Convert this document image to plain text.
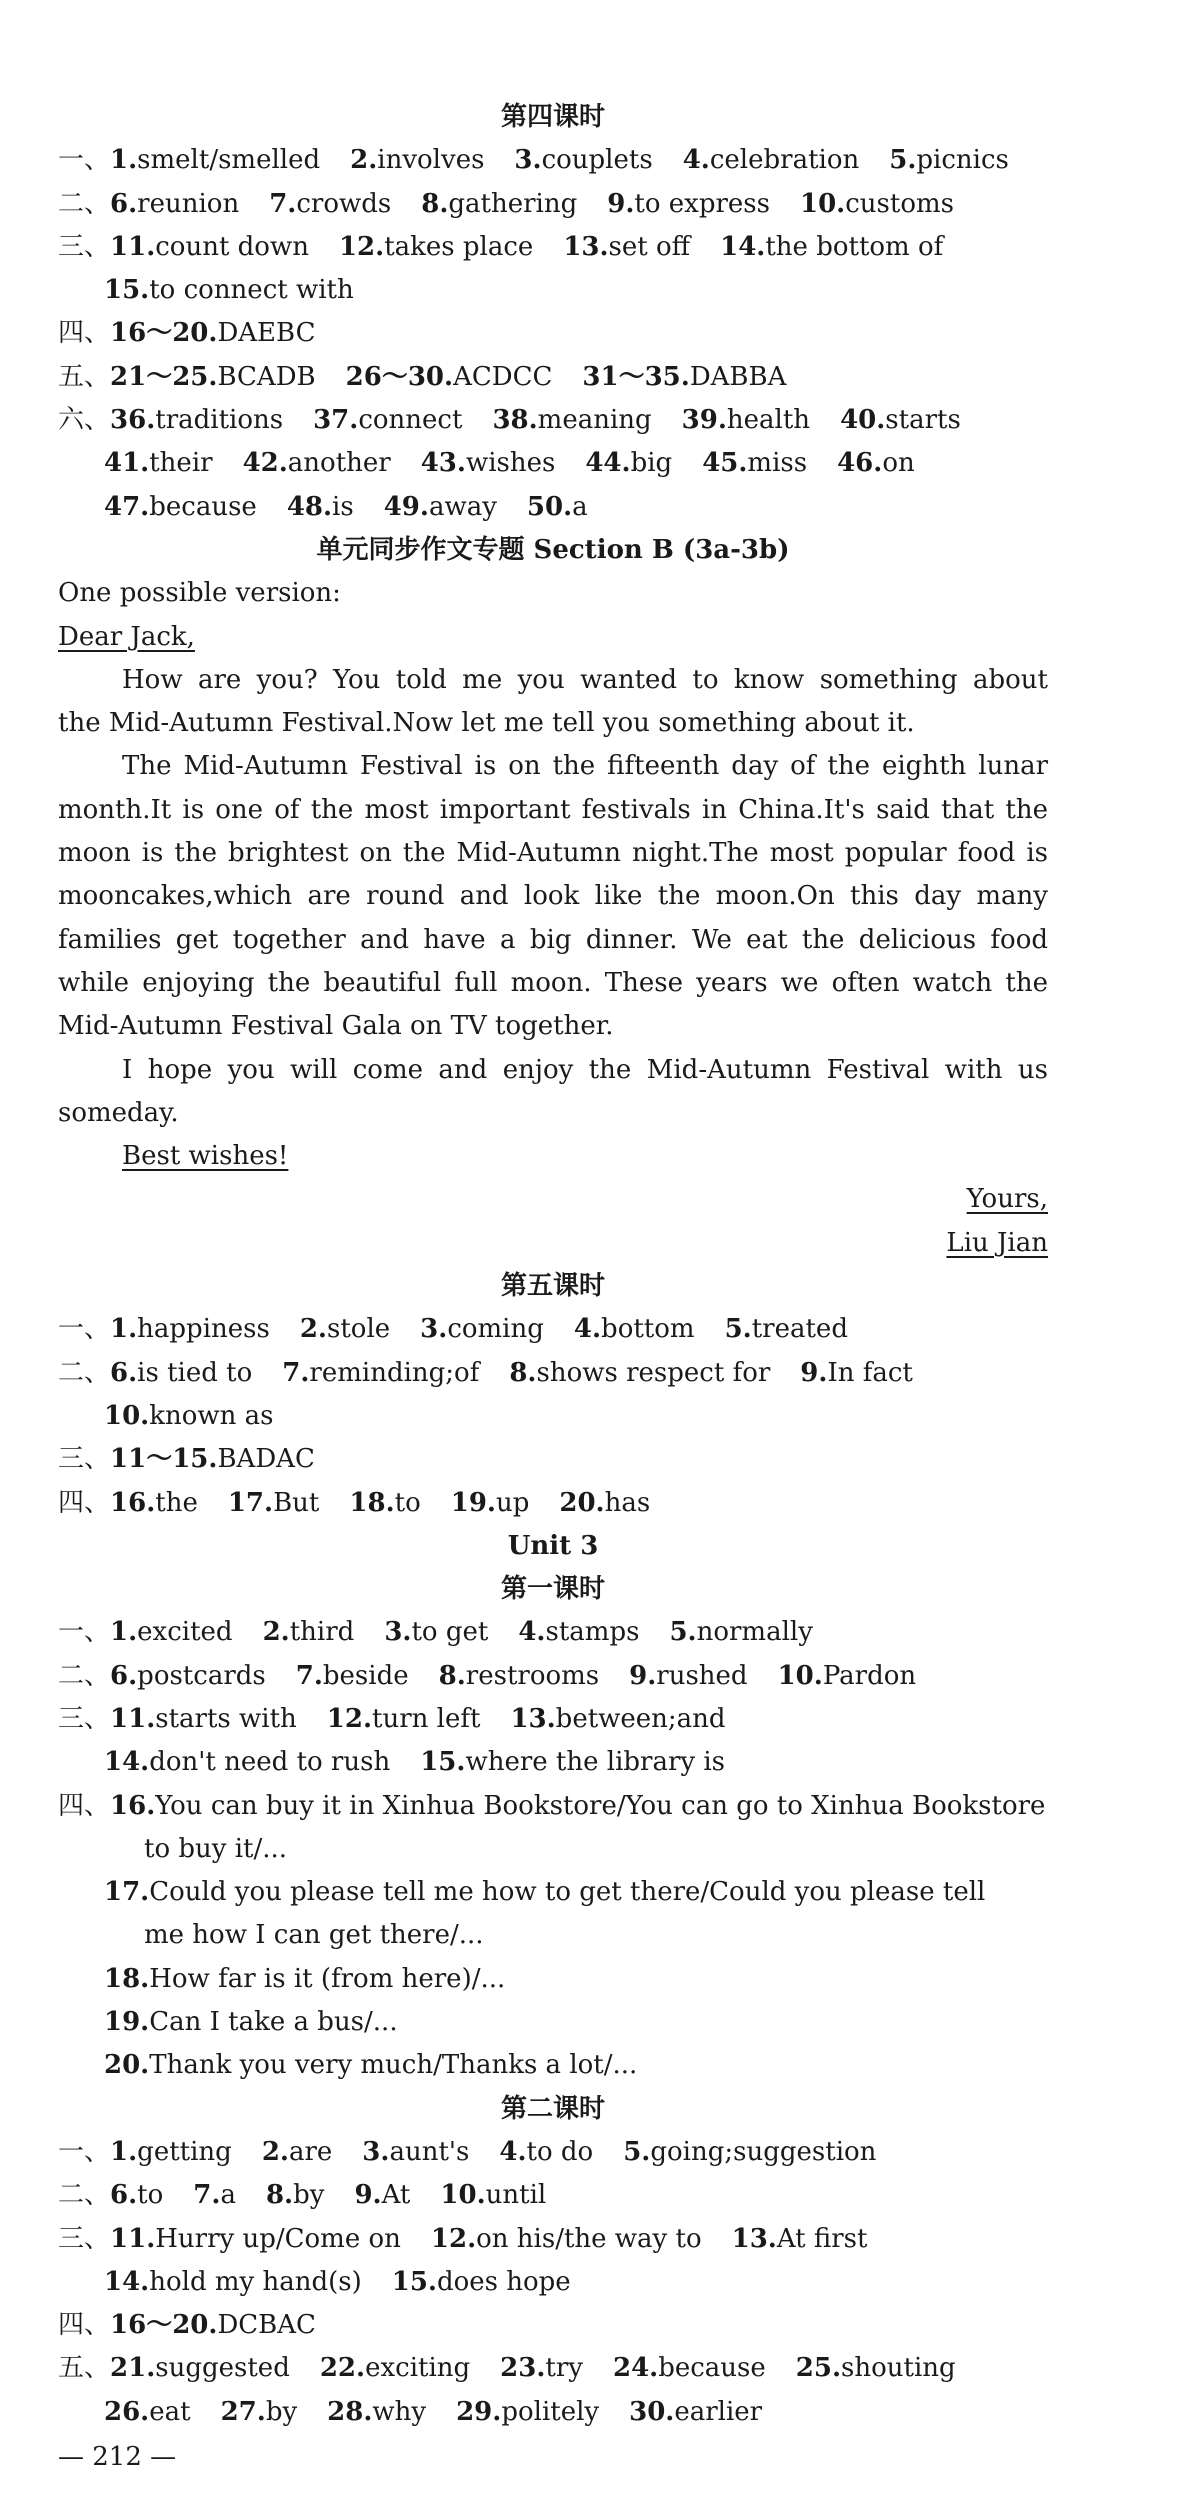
第四课时
一、1.smelt/smelled 2.involves 3.couplets 4.celebration 5.picnics
二、6.reunion 7.crowds 8.gathering 9.to express 10.customs
三、11.count down 12.takes place 13.set off 14.the bottom of
15.to connect with
四、16～20.DAEBC
五、21～25.BCADB 26～30.ACDCC 31～35.DABBA
六、36.traditions 37.connect 38.meaning 39.health 40.starts
41.their 42.another 43.wishes 44.big 45.miss 46.on
47.because 48.is 49.away 50.a
单元同步作文专题 Section B (3a-3b)
One possible version:
Dear Jack,
How are you? You told me you wanted to know something about
the Mid-Autumn Festival.Now let me tell you something about it.
The Mid-Autumn Festival is on the fifteenth day of the eighth lunar
month.It is one of the most important festivals in China.It's said that the
moon is the brightest on the Mid-Autumn night.The most popular food is
mooncakes,which are round and look like the moon.On this day many
families get together and have a big dinner. We eat the delicious food
while enjoying the beautiful full moon. These years we often watch the
Mid-Autumn Festival Gala on TV together.
I hope you will come and enjoy the Mid-Autumn Festival with us
someday.
Best wishes!
Yours,
Liu Jian
第五课时
一、1.happiness 2.stole 3.coming 4.bottom 5.treated
二、6.is tied to 7.reminding;of 8.shows respect for 9.In fact
10.known as
三、11～15.BADAC
四、16.the 17.But 18.to 19.up 20.has
Unit 3
第一课时
一、1.excited 2.third 3.to get 4.stamps 5.normally
二、6.postcards 7.beside 8.restrooms 9.rushed 10.Pardon
三、11.starts with 12.turn left 13.between;and
14.don't need to rush 15.where the library is
四、16.You can buy it in Xinhua Bookstore/You can go to Xinhua Bookstore
to buy it/...
17.Could you please tell me how to get there/Could you please tell
me how I can get there/...
18.How far is it (from here)/...
19.Can I take a bus/...
20.Thank you very much/Thanks a lot/...
第二课时
一、1.getting 2.are 3.aunt's 4.to do 5.going;suggestion
二、6.to 7.a 8.by 9.At 10.until
三、11.Hurry up/Come on 12.on his/the way to 13.At first
14.hold my hand(s) 15.does hope
四、16～20.DCBAC
五、21.suggested 22.exciting 23.try 24.because 25.shouting
26.eat 27.by 28.why 29.politely 30.earlier
— 212 —
